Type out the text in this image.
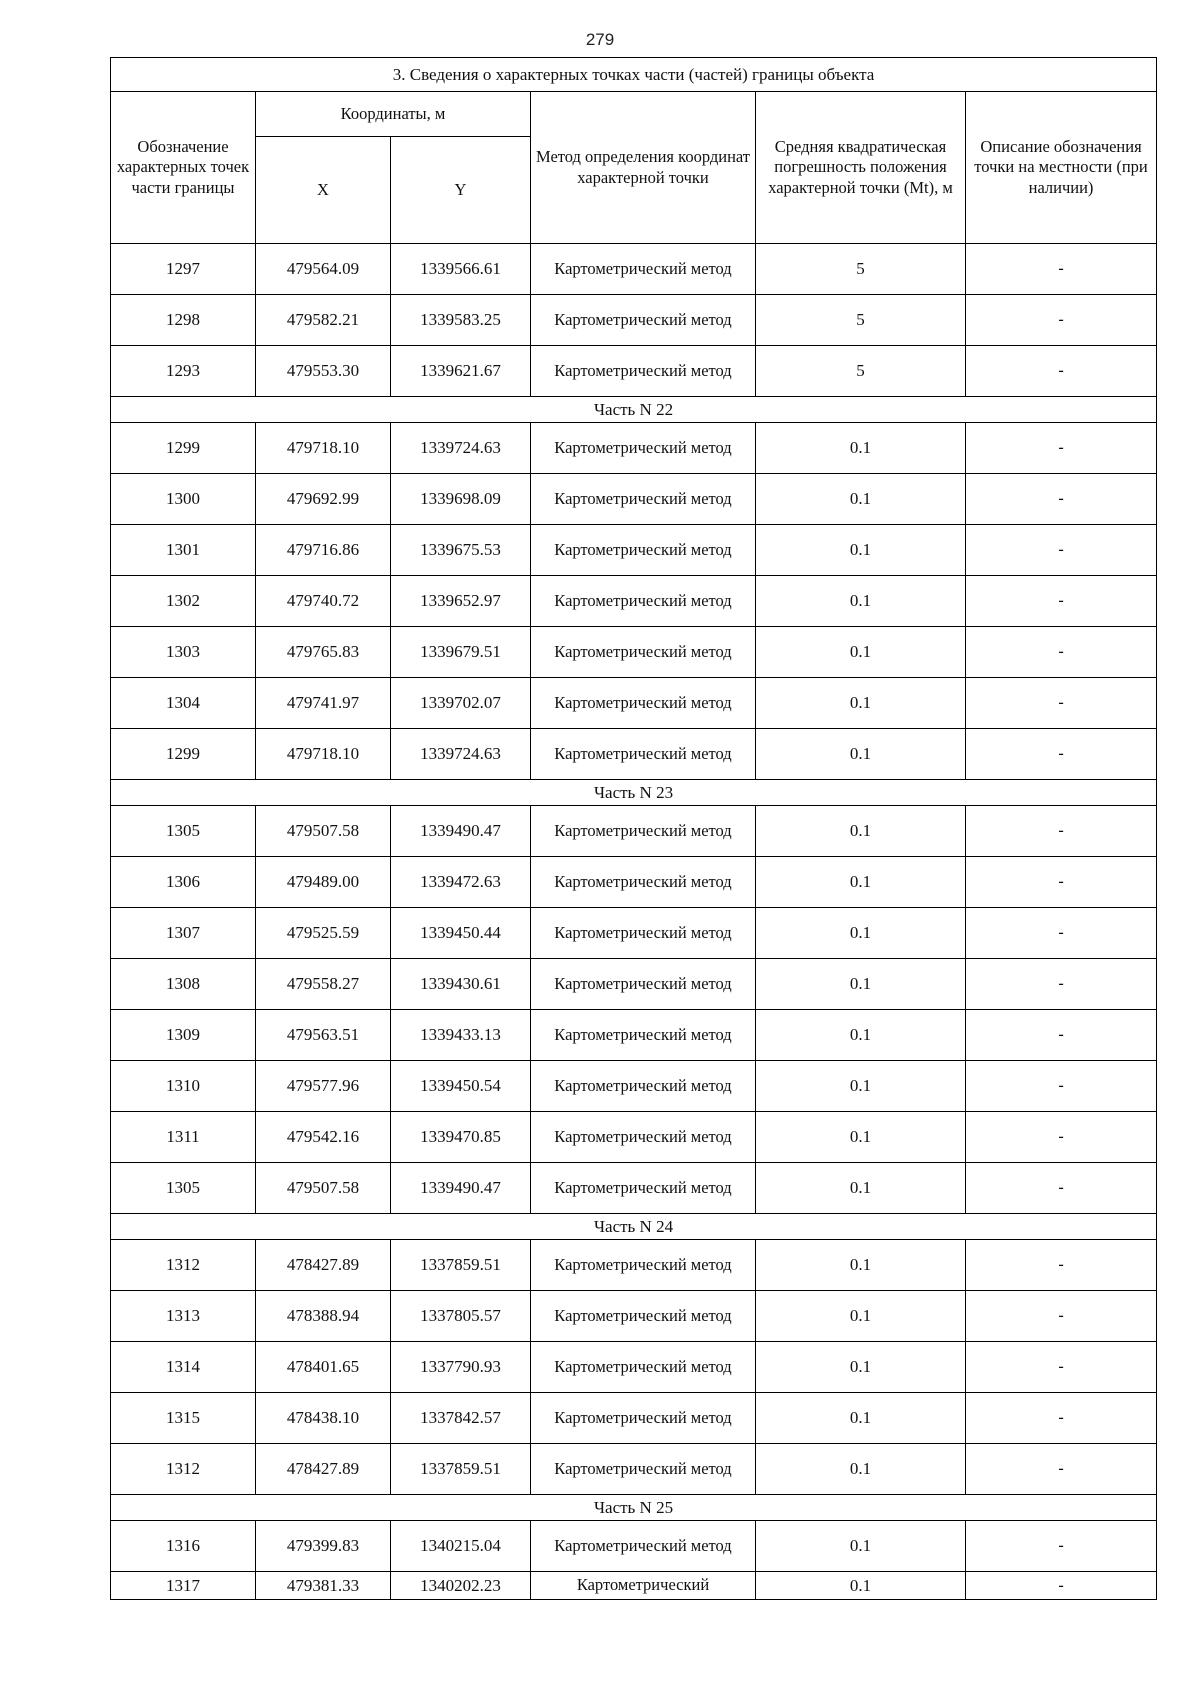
279
3. Сведения о характерных точках части (частей) границы объекта					
Обозначение характерных точек части границы	Координаты, м		Метод определения координат характерной точки	Средняя квадратическая погрешность положения характерной точки (Mt), м	Описание обозначения точки на местности (при наличии)
	X	Y			
1297	479564.09	1339566.61	Картометрический метод	5	-
1298	479582.21	1339583.25	Картометрический метод	5	-
1293	479553.30	1339621.67	Картометрический метод	5	-
Часть N 22					
1299	479718.10	1339724.63	Картометрический метод	0.1	-
1300	479692.99	1339698.09	Картометрический метод	0.1	-
1301	479716.86	1339675.53	Картометрический метод	0.1	-
1302	479740.72	1339652.97	Картометрический метод	0.1	-
1303	479765.83	1339679.51	Картометрический метод	0.1	-
1304	479741.97	1339702.07	Картометрический метод	0.1	-
1299	479718.10	1339724.63	Картометрический метод	0.1	-
Часть N 23					
1305	479507.58	1339490.47	Картометрический метод	0.1	-
1306	479489.00	1339472.63	Картометрический метод	0.1	-
1307	479525.59	1339450.44	Картометрический метод	0.1	-
1308	479558.27	1339430.61	Картометрический метод	0.1	-
1309	479563.51	1339433.13	Картометрический метод	0.1	-
1310	479577.96	1339450.54	Картометрический метод	0.1	-
1311	479542.16	1339470.85	Картометрический метод	0.1	-
1305	479507.58	1339490.47	Картометрический метод	0.1	-
Часть N 24					
1312	478427.89	1337859.51	Картометрический метод	0.1	-
1313	478388.94	1337805.57	Картометрический метод	0.1	-
1314	478401.65	1337790.93	Картометрический метод	0.1	-
1315	478438.10	1337842.57	Картометрический метод	0.1	-
1312	478427.89	1337859.51	Картометрический метод	0.1	-
Часть N 25					
1316	479399.83	1340215.04	Картометрический метод	0.1	-
1317	479381.33	1340202.23	Картометрический	0.1	-
